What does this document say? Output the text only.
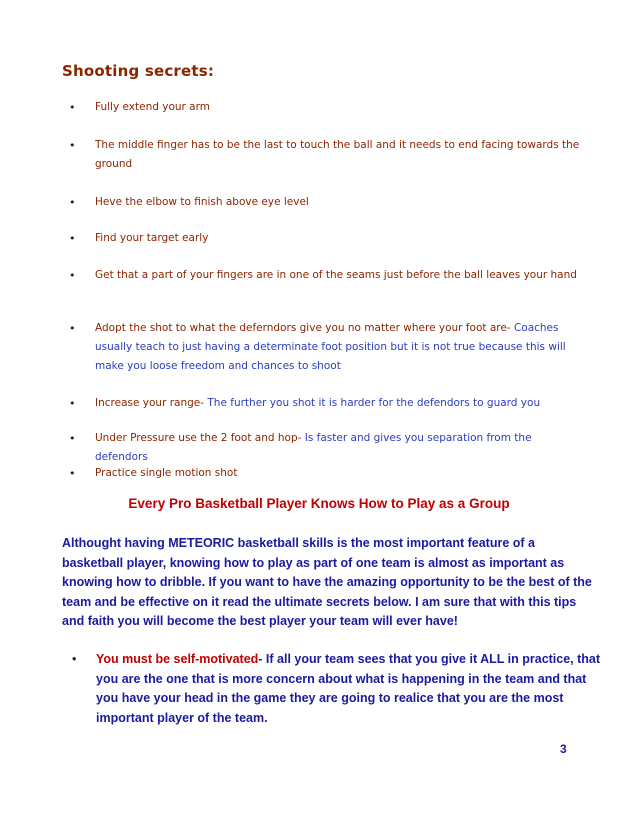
Shooting secrets:
• Fully extend your arm
• The middle finger has to be the last to touch the ball and it needs to end facing towards the ground
• Heve the elbow to finish above eye level
• Find your target early
• Get that a part of your fingers are in one of the seams just before the ball leaves your hand
• Adopt the shot to what the deferndors give you no matter where your foot are- Coaches usually teach to just having a determinate foot position but it is not true because this will make you loose freedom and chances to shoot
• Increase your range- The further you shot it is harder for the defendors to guard you
• Under Pressure use the 2 foot and hop- Is faster and gives you separation from the defendors
• Practice single motion shot
Every Pro Basketball Player Knows How to Play as a Group
Althought having METEORIC basketball skills is the most important feature of a basketball player, knowing how to play as part of one team is almost as important as knowing how to dribble. If you want to have the amazing opportunity to be the best of the team and be effective on it read the ultimate secrets below. I am sure that with this tips and faith you will become the best player your team will ever have!
• You must be self-motivated- If all your team sees that you give it ALL in practice, that you are the one that is more concern about what is happening in the team and that you have your head in the game they are going to realice that you are the most important player of the team.
3
